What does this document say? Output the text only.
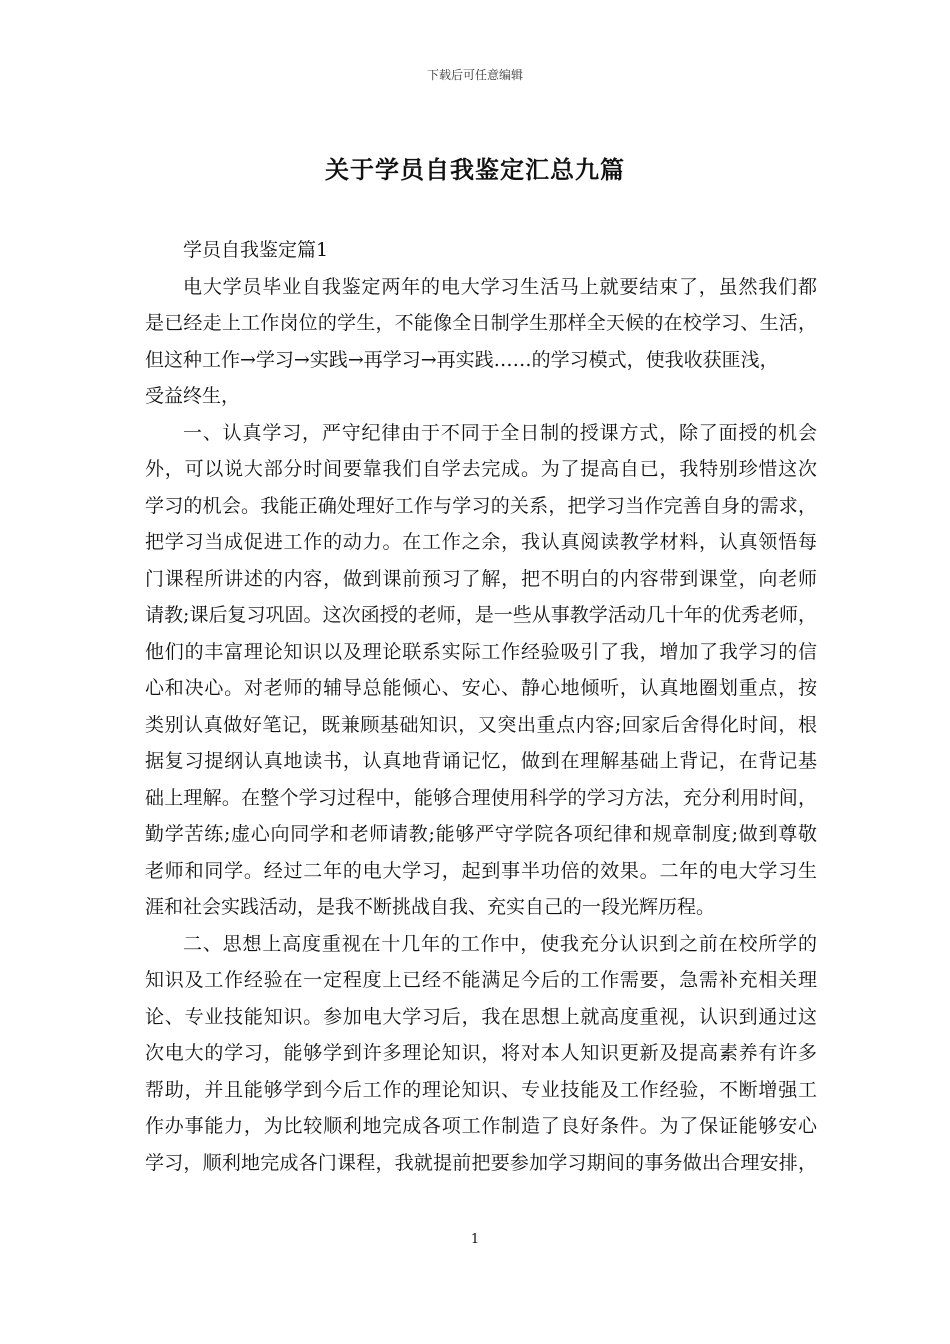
下载后可任意编辑
关于学员自我鉴定汇总九篇
学员自我鉴定篇1
电大学员毕业自我鉴定两年的电大学习生活马上就要结束了，虽然我们都
是已经走上工作岗位的学生，不能像全日制学生那样全天候的在校学习、生活，
但这种工作→学习→实践→再学习→再实践……的学习模式，使我收获匪浅，
受益终生，
一、认真学习，严守纪律由于不同于全日制的授课方式，除了面授的机会
外，可以说大部分时间要靠我们自学去完成。为了提高自已，我特别珍惜这次
学习的机会。我能正确处理好工作与学习的关系，把学习当作完善自身的需求，
把学习当成促进工作的动力。在工作之余，我认真阅读教学材料，认真领悟每
门课程所讲述的内容，做到课前预习了解，把不明白的内容带到课堂，向老师
请教;课后复习巩固。这次函授的老师，是一些从事教学活动几十年的优秀老师，
他们的丰富理论知识以及理论联系实际工作经验吸引了我，增加了我学习的信
心和决心。对老师的辅导总能倾心、安心、静心地倾听，认真地圈划重点，按
类别认真做好笔记，既兼顾基础知识，又突出重点内容;回家后舍得化时间，根
据复习提纲认真地读书，认真地背诵记忆，做到在理解基础上背记，在背记基
础上理解。在整个学习过程中，能够合理使用科学的学习方法，充分利用时间，
勤学苦练;虚心向同学和老师请教;能够严守学院各项纪律和规章制度;做到尊敬
老师和同学。经过二年的电大学习，起到事半功倍的效果。二年的电大学习生
涯和社会实践活动，是我不断挑战自我、充实自己的一段光辉历程。
二、思想上高度重视在十几年的工作中，使我充分认识到之前在校所学的
知识及工作经验在一定程度上已经不能满足今后的工作需要，急需补充相关理
论、专业技能知识。参加电大学习后，我在思想上就高度重视，认识到通过这
次电大的学习，能够学到许多理论知识，将对本人知识更新及提高素养有许多
帮助，并且能够学到今后工作的理论知识、专业技能及工作经验，不断增强工
作办事能力，为比较顺利地完成各项工作制造了良好条件。为了保证能够安心
学习，顺利地完成各门课程，我就提前把要参加学习期间的事务做出合理安排，
1
